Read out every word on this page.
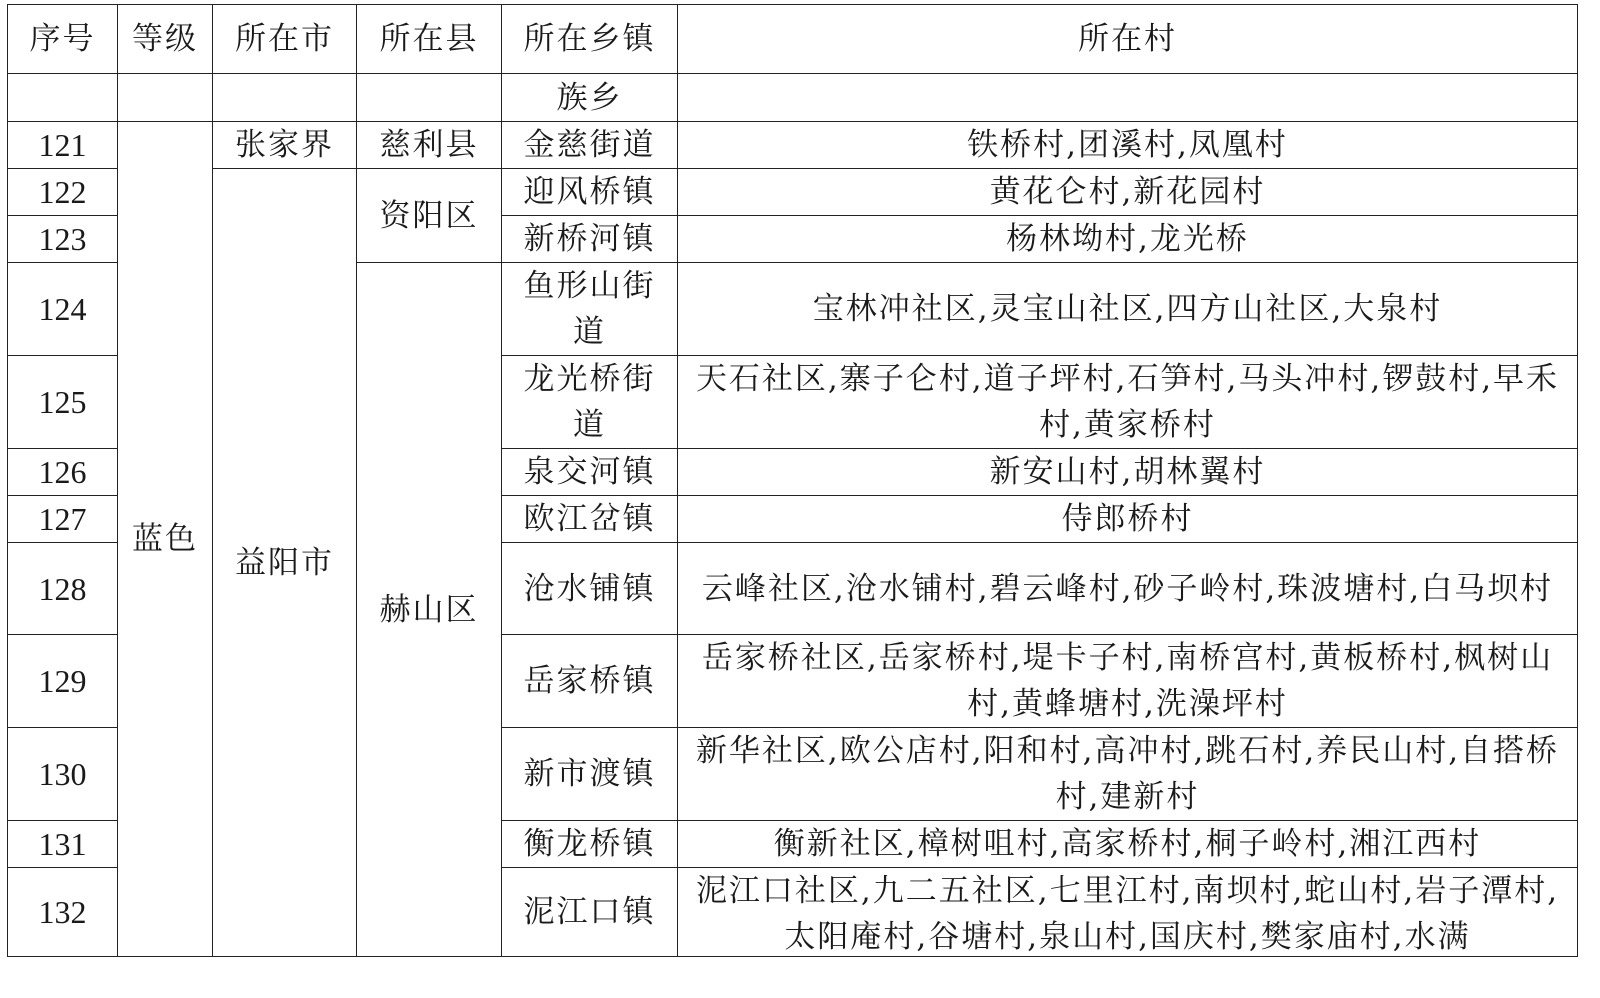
序号	等级	所在市	所在县	所在乡镇	所在村
				族乡	
121	蓝色	张家界	慈利县	金慈街道	铁桥村,团溪村,凤凰村
122		益阳市	资阳区	迎风桥镇	黄花仑村,新花园村
123				新桥河镇	杨林坳村,龙光桥
124			赫山区	鱼形山街道	宝林冲社区,灵宝山社区,四方山社区,大泉村
125				龙光桥街道	天石社区,寨子仑村,道子坪村,石笋村,马头冲村,锣鼓村,早禾村,黄家桥村
126				泉交河镇	新安山村,胡林翼村
127				欧江岔镇	侍郎桥村
128				沧水铺镇	云峰社区,沧水铺村,碧云峰村,砂子岭村,珠波塘村,白马坝村
129				岳家桥镇	岳家桥社区,岳家桥村,堤卡子村,南桥宫村,黄板桥村,枫树山村,黄蜂塘村,洗澡坪村
130				新市渡镇	新华社区,欧公店村,阳和村,高冲村,跳石村,养民山村,自搭桥村,建新村
131				衡龙桥镇	衡新社区,樟树咀村,高家桥村,桐子岭村,湘江西村
132				泥江口镇	泥江口社区,九二五社区,七里江村,南坝村,蛇山村,岩子潭村,太阳庵村,谷塘村,泉山村,国庆村,樊家庙村,水满
